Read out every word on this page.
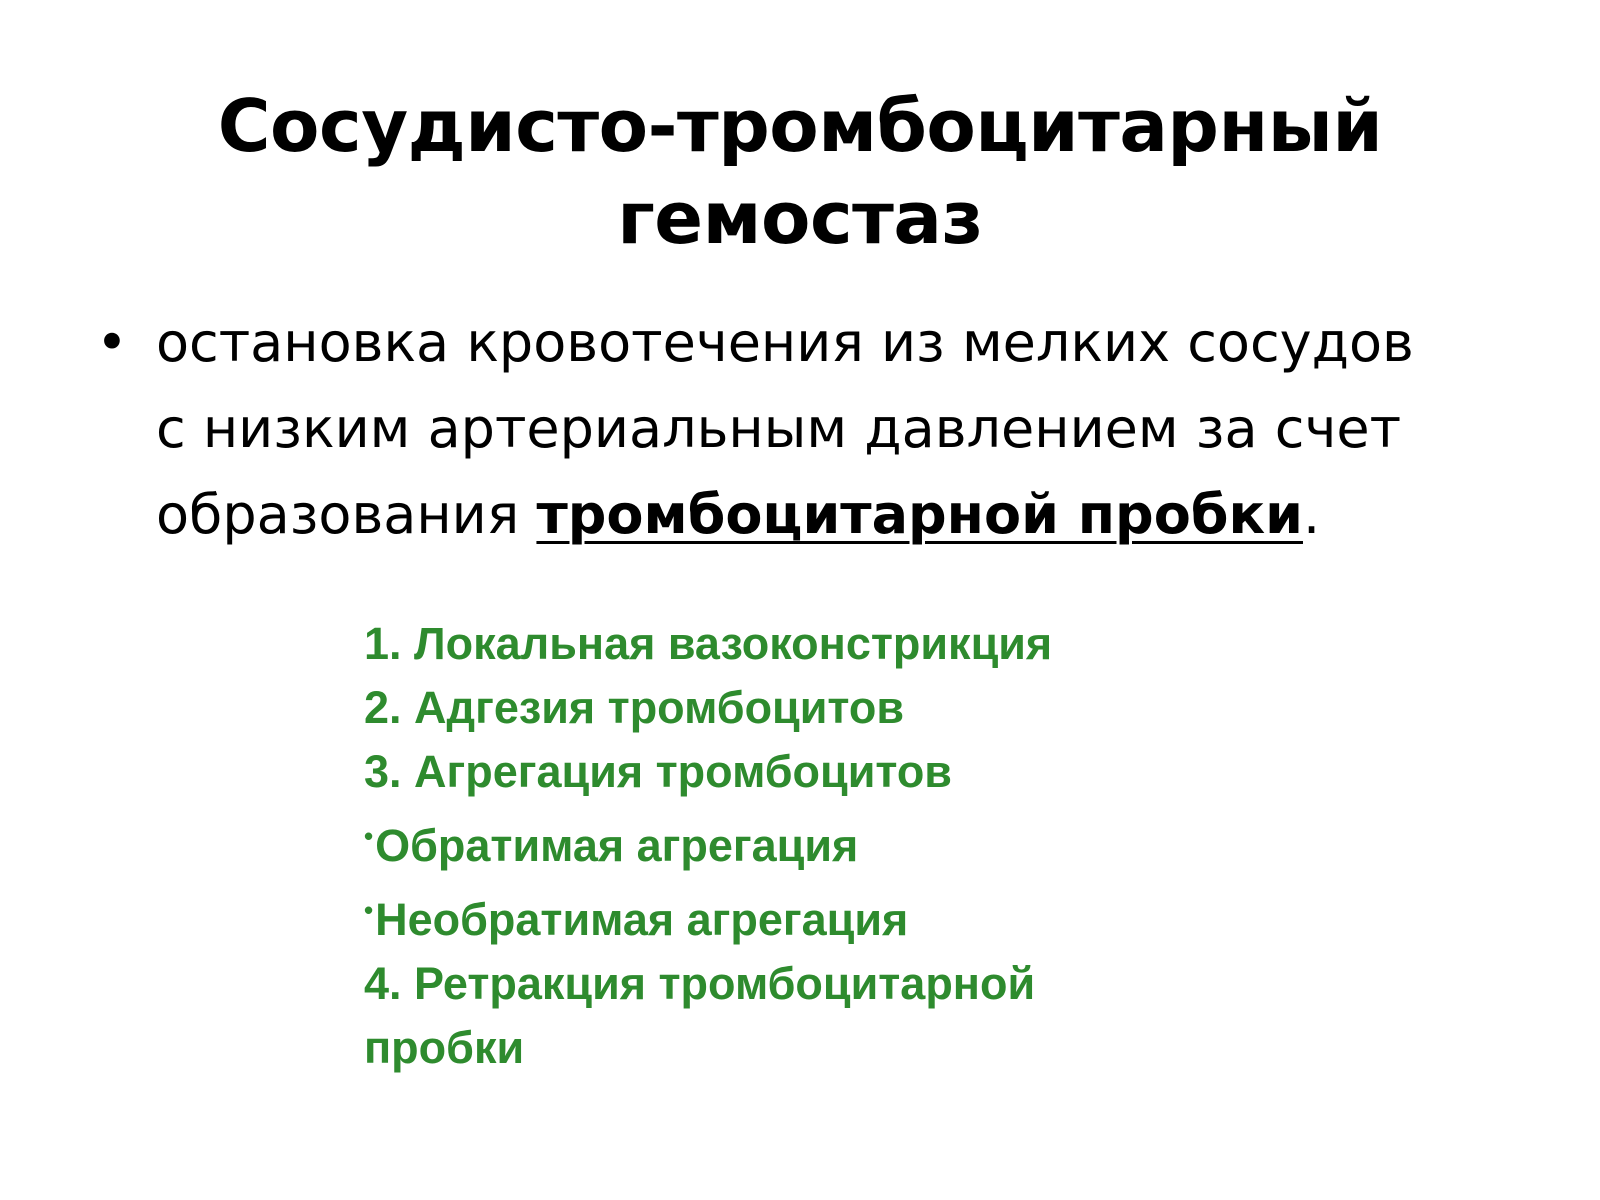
Сосудисто-тромбоцитарный
гемостаз
• остановка кровотечения из мелких сосудов
с низким артериальным давлением за счет
образования тромбоцитарной пробки.
1. Локальная вазоконстрикция
2. Адгезия тромбоцитов
3. Агрегация тромбоцитов
•Обратимая агрегация
•Необратимая агрегация
4. Ретракция тромбоцитарной
пробки
